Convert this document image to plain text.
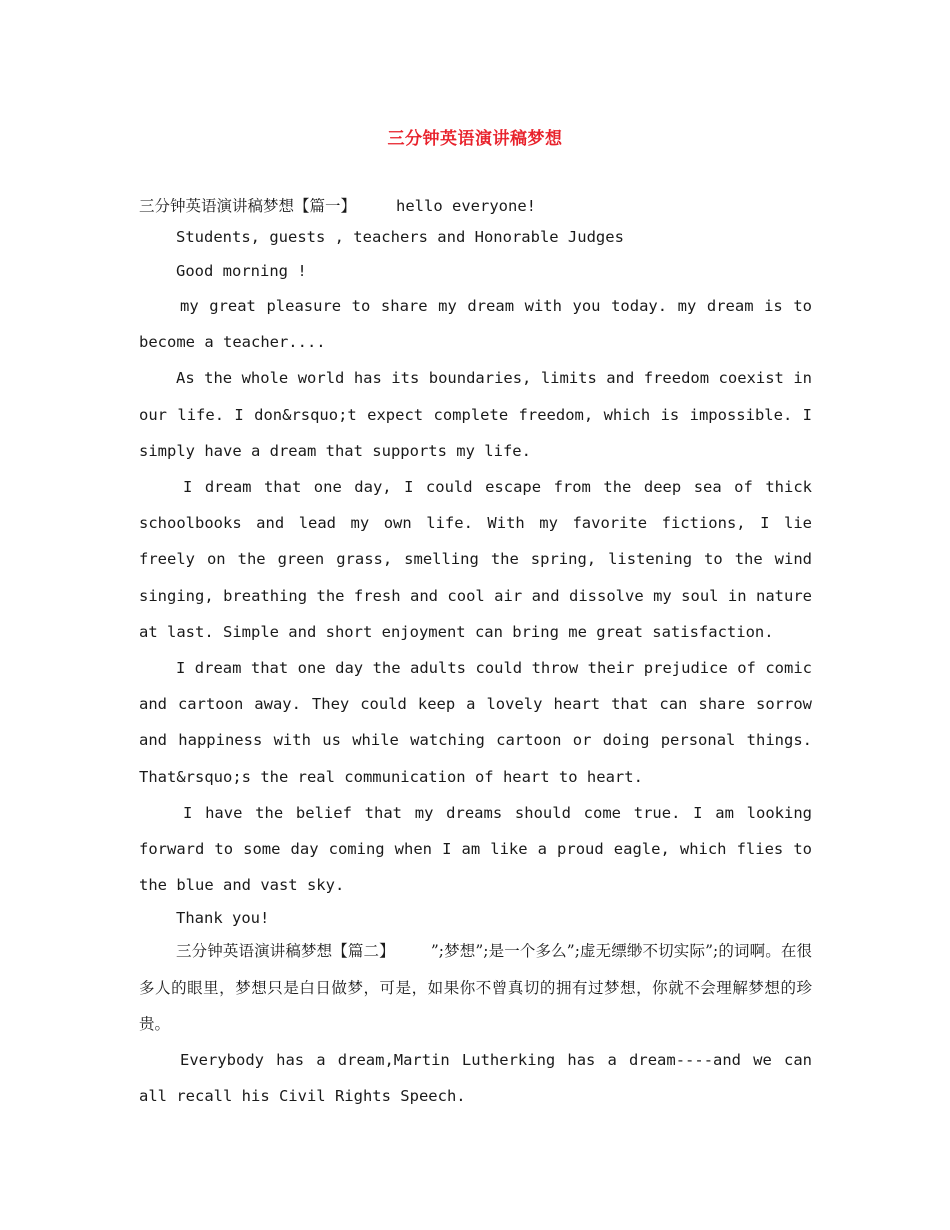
三分钟英语演讲稿梦想

三分钟英语演讲稿梦想【篇一】	hello everyone!

Students, guests , teachers and Honorable Judges

Good morning !

my great pleasure to share my dream with you today. my dream is to become a teacher....

As the whole world has its boundaries, limits and freedom coexist in our life. I don&rsquo;t expect complete freedom, which is impossible. I simply have a dream that supports my life.

I dream that one day, I could escape from the deep sea of thick schoolbooks and lead my own life. With my favorite fictions, I lie freely on the green grass, smelling the spring, listening to the wind singing, breathing the fresh and cool air and dissolve my soul in nature at last. Simple and short enjoyment can bring me great satisfaction.

I dream that one day the adults could throw their prejudice of comic and cartoon away. They could keep a lovely heart that can share sorrow and happiness with us while watching cartoon or doing personal things. That&rsquo;s the real communication of heart to heart.

I have the belief that my dreams should come true. I am looking forward to some day coming when I am like a proud eagle, which flies to the blue and vast sky.

Thank you!

三分钟英语演讲稿梦想【篇二】 ”;梦想”;是一个多么”;虚无缥缈不切实际”;的词啊。在很多人的眼里，梦想只是白日做梦，可是，如果你不曾真切的拥有过梦想，你就不会理解梦想的珍贵。

Everybody has a dream,Martin Lutherking has a dream----and we can all recall his Civil Rights Speech.
